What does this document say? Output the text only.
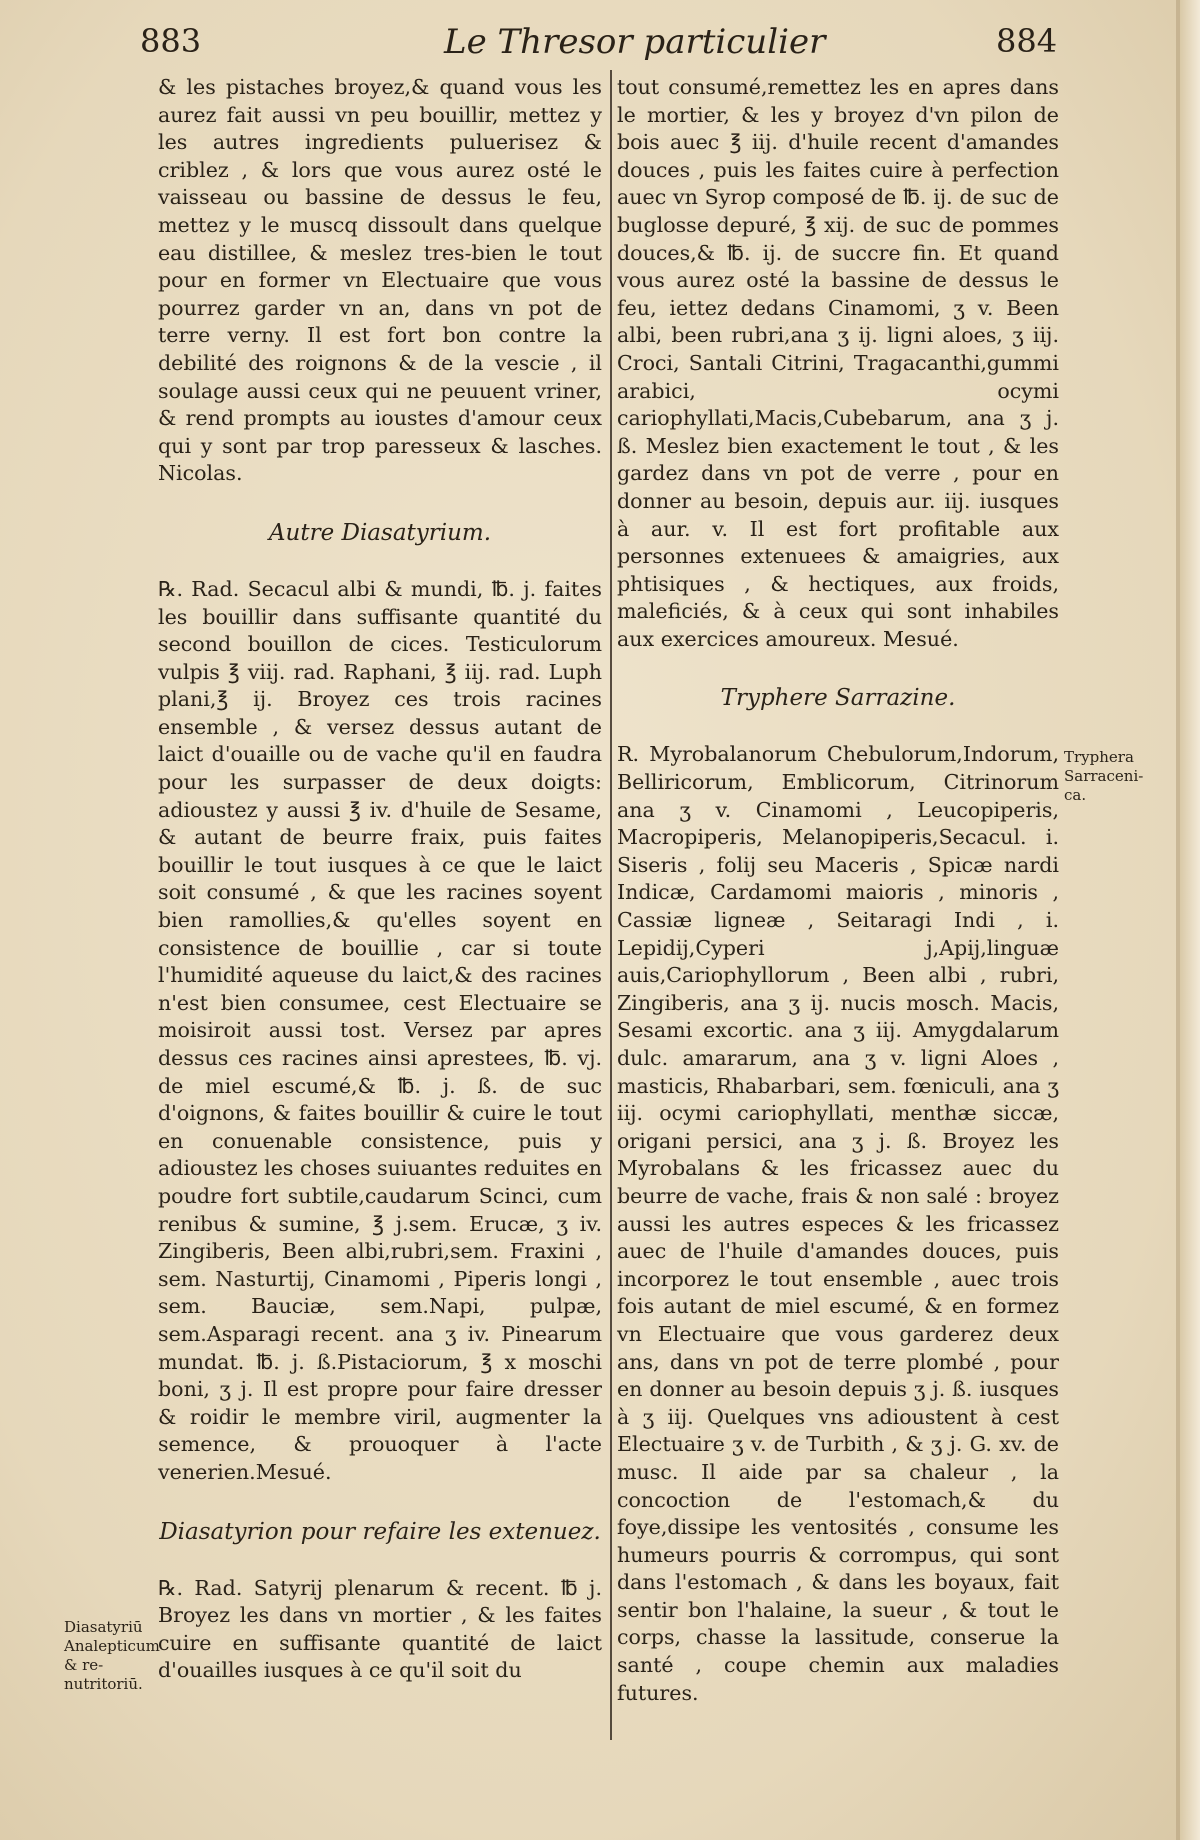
883	Le Thresor particulier	884

& les pistaches broyez,& quand vous les aurez fait aussi vn peu bouillir, mettez y les autres ingredients puluerisez & criblez , & lors que vous aurez osté le vaisseau ou bassine de dessus le feu, mettez y le muscq dissoult dans quelque eau distillee, & meslez tres-bien le tout pour en former vn Electuaire que vous pourrez garder vn an, dans vn pot de terre verny. Il est fort bon contre la debilité des roignons & de la vescie , il soulage aussi ceux qui ne peuuent vriner, & rend prompts au ioustes d'amour ceux qui y sont par trop paresseux & lasches. Nicolas.

Autre Diasatyrium.

℞. Rad. Secacul albi & mundi, ℔. j. faites les bouillir dans suffisante quantité du second bouillon de cices. Testiculorum vulpis ℥ viij. rad. Raphani, ℥ iij. rad. Luph plani,℥ ij. Broyez ces trois racines ensemble , & versez dessus autant de laict d'ouaille ou de vache qu'il en faudra pour les surpasser de deux doigts: adioustez y aussi ℥ iv. d'huile de Sesame, & autant de beurre fraix, puis faites bouillir le tout iusques à ce que le laict soit consumé , & que les racines soyent bien ramollies,& qu'elles soyent en consistence de bouillie , car si toute l'humidité aqueuse du laict,& des racines n'est bien consumee, cest Electuaire se moisiroit aussi tost. Versez par apres dessus ces racines ainsi aprestees, ℔. vj. de miel escumé,& ℔. j. ß. de suc d'oignons, & faites bouillir & cuire le tout en conuenable consistence, puis y adioustez les choses suiuantes reduites en poudre fort subtile,caudarum Scinci, cum renibus & sumine, ℥ j.sem. Erucæ, ʒ iv. Zingiberis, Been albi,rubri,sem. Fraxini , sem. Nasturtij, Cinamomi , Piperis longi , sem. Bauciæ, sem.Napi, pulpæ, sem.Asparagi recent. ana ʒ iv. Pinearum mundat. ℔. j. ß.Pistaciorum, ℥ x moschi boni, ʒ j. Il est propre pour faire dresser & roidir le membre viril, augmenter la semence, & prouoquer à l'acte venerien.Mesué.

Diasatyrion pour refaire les extenuez.

℞. Rad. Satyrij plenarum & recent. ℔ j. Broyez les dans vn mortier , & les faites cuire en suffisante quantité de laict d'ouailles iusques à ce qu'il soit du

Diasatyriū Analepticum & re- nutritoriū.

tout consumé,remettez les en apres dans le mortier, & les y broyez d'vn pilon de bois auec ℥ iij. d'huile recent d'amandes douces , puis les faites cuire à perfection auec vn Syrop composé de ℔. ij. de suc de buglosse depuré, ℥ xij. de suc de pommes douces,& ℔. ij. de succre fin. Et quand vous aurez osté la bassine de dessus le feu, iettez dedans Cinamomi, ʒ v. Been albi, been rubri,ana ʒ ij. ligni aloes, ʒ iij. Croci, Santali Citrini, Tragacanthi,gummi arabici, ocymi cariophyllati,Macis,Cubebarum, ana ʒ j. ß. Meslez bien exactement le tout , & les gardez dans vn pot de verre , pour en donner au besoin, depuis aur. iij. iusques à aur. v. Il est fort profitable aux personnes extenuees & amaigries, aux phtisiques , & hectiques, aux froids, maleficiés, & à ceux qui sont inhabiles aux exercices amoureux. Mesué.

Tryphere Sarrazine.

R. Myrobalanorum Chebulorum,Indorum, Belliricorum, Emblicorum, Citrinorum ana ʒ v. Cinamomi , Leucopiperis, Macropiperis, Melanopiperis,Secacul. i. Siseris , folij seu Maceris , Spicæ nardi Indicæ, Cardamomi maioris , minoris , Cassiæ ligneæ , Seitaragi Indi , i. Lepidij,Cyperi j,Apij,linguæ auis,Cariophyllorum , Been albi , rubri, Zingiberis, ana ʒ ij. nucis mosch. Macis, Sesami excortic. ana ʒ iij. Amygdalarum dulc. amararum, ana ʒ v. ligni Aloes , masticis, Rhabarbari, sem. fœniculi, ana ʒ iij. ocymi cariophyllati, menthæ siccæ, origani persici, ana ʒ j. ß. Broyez les Myrobalans & les fricassez auec du beurre de vache, frais & non salé : broyez aussi les autres especes & les fricassez auec de l'huile d'amandes douces, puis incorporez le tout ensemble , auec trois fois autant de miel escumé, & en formez vn Electuaire que vous garderez deux ans, dans vn pot de terre plombé , pour en donner au besoin depuis ʒ j. ß. iusques à ʒ iij. Quelques vns adioustent à cest Electuaire ʒ v. de Turbith , & ʒ j. G. xv. de musc. Il aide par sa chaleur , la concoction de l'estomach,& du foye,dissipe les ventosités , consume les humeurs pourris & corrompus, qui sont dans l'estomach , & dans les boyaux, fait sentir bon l'halaine, la sueur , & tout le corps, chasse la lassitude, conserue la santé , coupe chemin aux maladies futures.

Tryphera Sarraceni- ca.
